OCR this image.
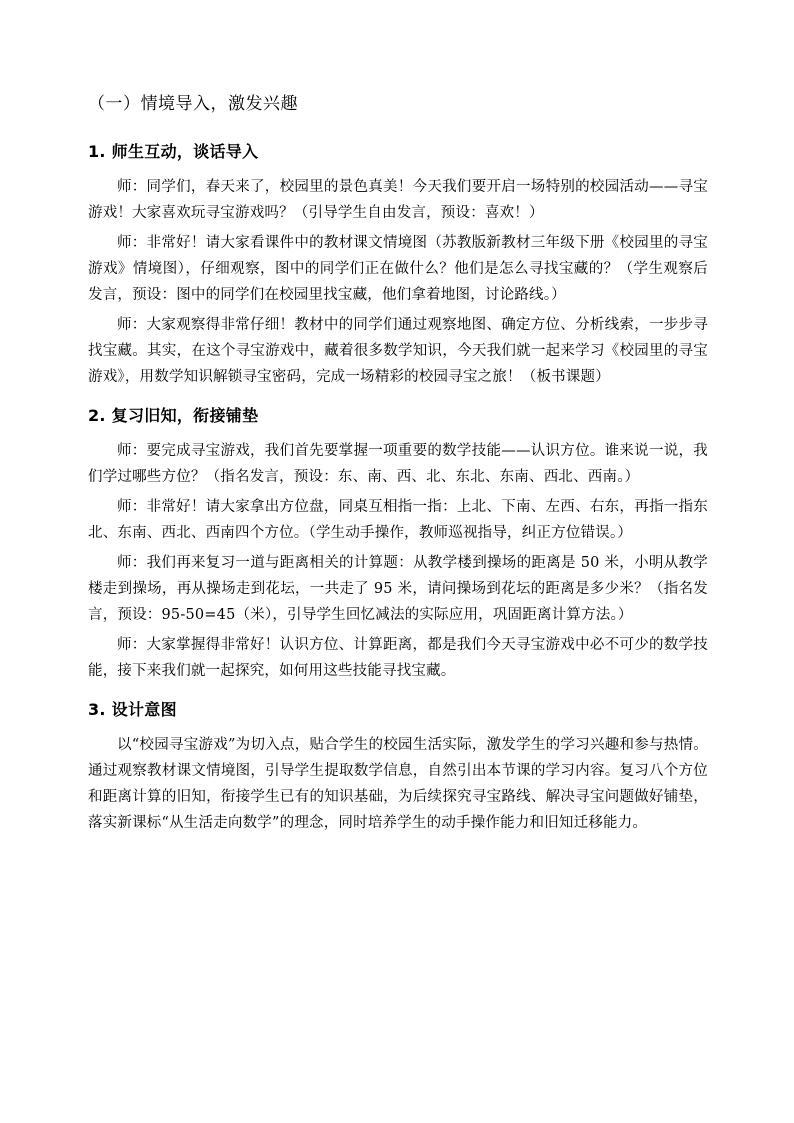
（一）情境导入，激发兴趣
1. 师生互动，谈话导入

师：同学们，春天来了，校园里的景色真美！今天我们要开启一场特别的校园活动——寻宝游戏！大家喜欢玩寻宝游戏吗？（引导学生自由发言，预设：喜欢！）

师：非常好！请大家看课件中的教材课文情境图（苏教版新教材三年级下册《校园里的寻宝游戏》情境图），仔细观察，图中的同学们正在做什么？他们是怎么寻找宝藏的？（学生观察后发言，预设：图中的同学们在校园里找宝藏，他们拿着地图，讨论路线。）

师：大家观察得非常仔细！教材中的同学们通过观察地图、确定方位、分析线索，一步步寻找宝藏。其实，在这个寻宝游戏中，藏着很多数学知识，今天我们就一起来学习《校园里的寻宝游戏》，用数学知识解锁寻宝密码，完成一场精彩的校园寻宝之旅！（板书课题）

2. 复习旧知，衔接铺垫

师：要完成寻宝游戏，我们首先要掌握一项重要的数学技能——认识方位。谁来说一说，我们学过哪些方位？（指名发言，预设：东、南、西、北、东北、东南、西北、西南。）

师：非常好！请大家拿出方位盘，同桌互相指一指：上北、下南、左西、右东，再指一指东北、东南、西北、西南四个方位。（学生动手操作，教师巡视指导，纠正方位错误。）

师：我们再来复习一道与距离相关的计算题：从教学楼到操场的距离是 50 米，小明从教学楼走到操场，再从操场走到花坛，一共走了 95 米，请问操场到花坛的距离是多少米？（指名发言，预设：95-50=45（米），引导学生回忆减法的实际应用，巩固距离计算方法。）

师：大家掌握得非常好！认识方位、计算距离，都是我们今天寻宝游戏中必不可少的数学技能，接下来我们就一起探究，如何用这些技能寻找宝藏。

3. 设计意图

以“校园寻宝游戏”为切入点，贴合学生的校园生活实际，激发学生的学习兴趣和参与热情。通过观察教材课文情境图，引导学生提取数学信息，自然引出本节课的学习内容。复习八个方位和距离计算的旧知，衔接学生已有的知识基础，为后续探究寻宝路线、解决寻宝问题做好铺垫，落实新课标“从生活走向数学”的理念，同时培养学生的动手操作能力和旧知迁移能力。
